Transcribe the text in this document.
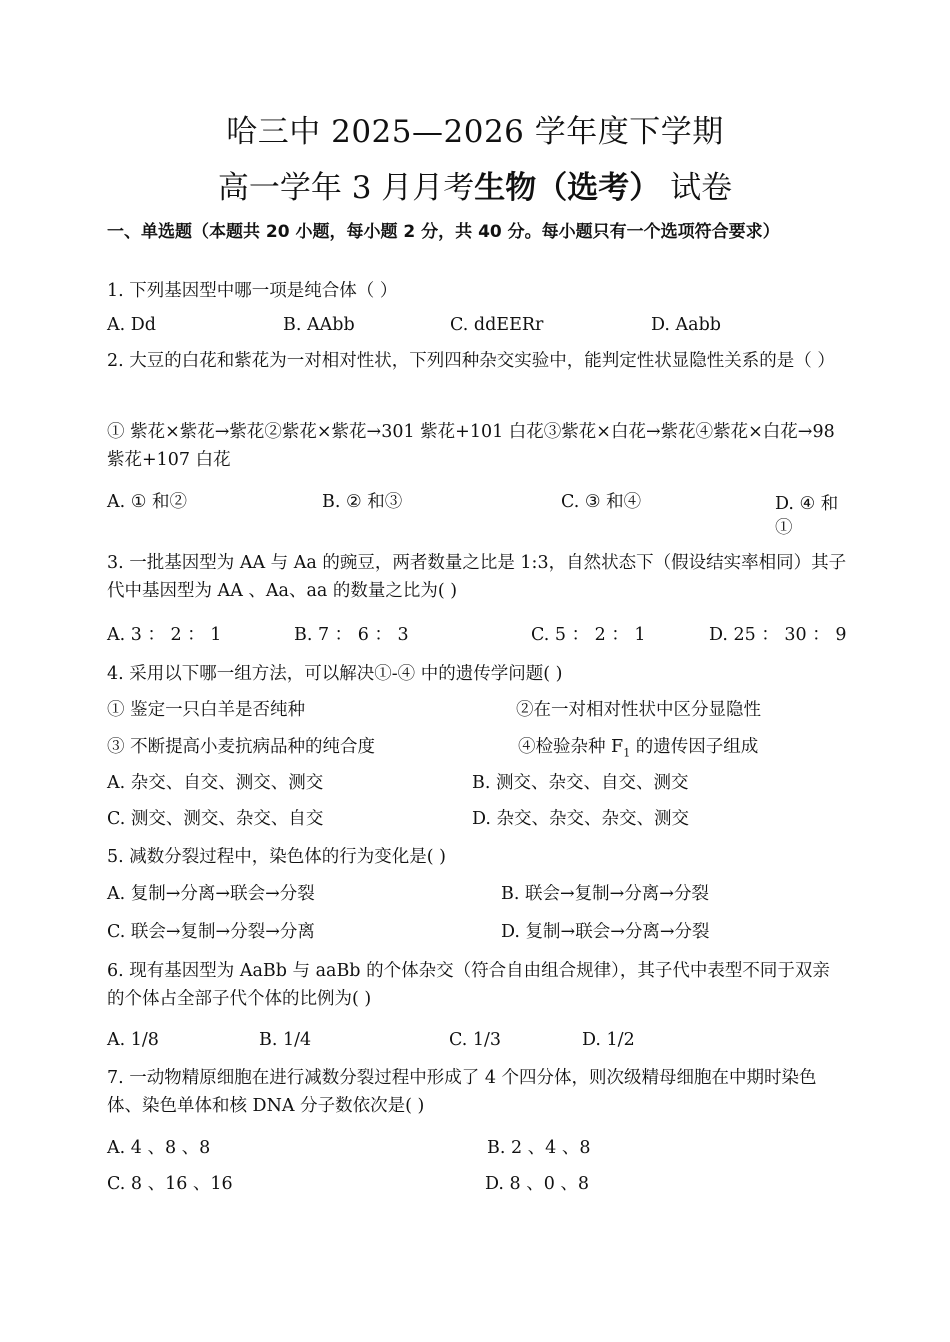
哈三中 2025—2026 学年度下学期
高一学年 3 月月考生物（选考） 试卷
一、单选题（本题共 20 小题，每小题 2 分，共 40 分。每小题只有一个选项符合要求）
1. 下列基因型中哪一项是纯合体（ ）
A. Dd	B. AAbb	C. ddEERr	D. Aabb
2. 大豆的白花和紫花为一对相对性状，下列四种杂交实验中，能判定性状显隐性关系的是（ ）
① 紫花×紫花→紫花②紫花×紫花→301 紫花+101 白花③紫花×白花→紫花④紫花×白花→98 紫花+107 白花
A. ① 和②	B. ② 和③	C. ③ 和④	D. ④ 和①
3. 一批基因型为 AA 与 Aa 的豌豆，两者数量之比是 1:3，自然状态下（假设结实率相同）其子代中基因型为 AA 、Aa、aa 的数量之比为( )
A. 3 ： 2 ： 1	B. 7 ： 6 ： 3	C. 5 ： 2 ： 1	D. 25 ： 30 ： 9
4. 采用以下哪一组方法，可以解决①-④ 中的遗传学问题( )
① 鉴定一只白羊是否纯种	②在一对相对性状中区分显隐性
③ 不断提高小麦抗病品种的纯合度	④检验杂种 $F_1$ 的遗传因子组成
A. 杂交、自交、测交、测交	B. 测交、杂交、自交、测交
C. 测交、测交、杂交、自交	D. 杂交、杂交、杂交、测交
5. 减数分裂过程中，染色体的行为变化是( )
A. 复制→分离→联会→分裂	B. 联会→复制→分离→分裂
C. 联会→复制→分裂→分离	D. 复制→联会→分离→分裂
6. 现有基因型为 AaBb 与 aaBb 的个体杂交（符合自由组合规律），其子代中表型不同于双亲的个体占全部子代个体的比例为( )
A. 1/8	B. 1/4	C. 1/3	D. 1/2
7. 一动物精原细胞在进行减数分裂过程中形成了 4 个四分体，则次级精母细胞在中期时染色体、染色单体和核 DNA 分子数依次是( )
A. 4 、8 、8	B. 2 、4 、8
C. 8 、16 、16	D. 8 、0 、8
